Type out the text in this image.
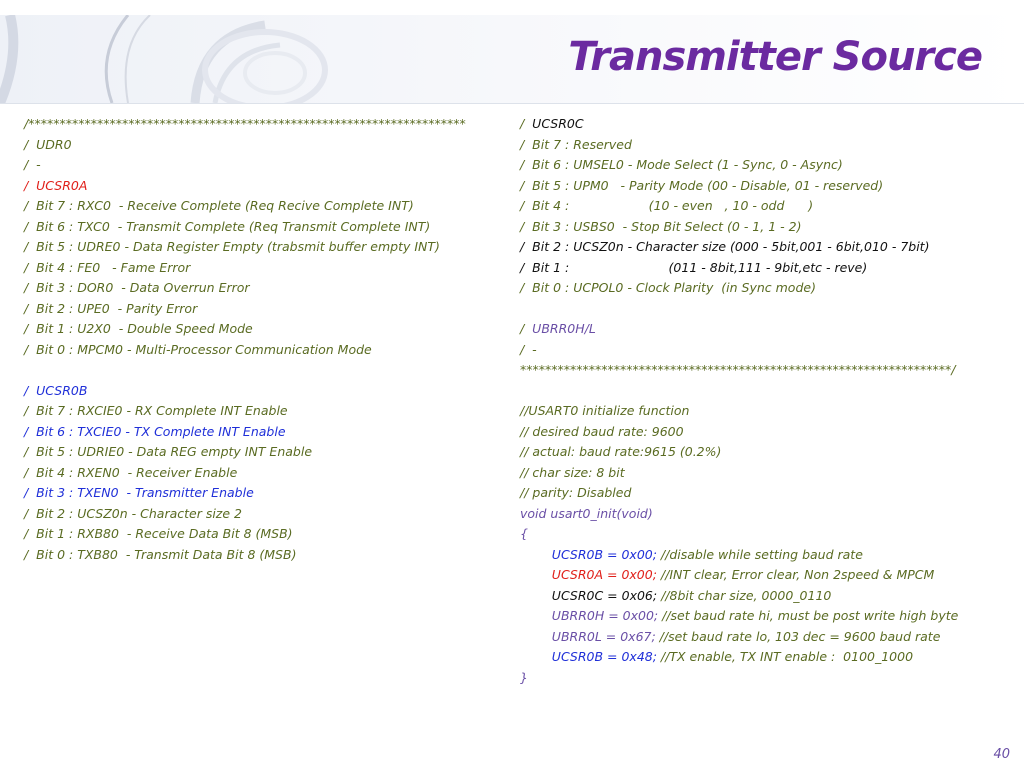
Transmitter Source
/**********************************************************************
/  UDR0
/  -
/  UCSR0A
/  Bit 7 : RXC0  - Receive Complete (Req Recive Complete INT)
/  Bit 6 : TXC0  - Transmit Complete (Req Transmit Complete INT)
/  Bit 5 : UDRE0 - Data Register Empty (trabsmit buffer empty INT)
/  Bit 4 : FE0   - Fame Error
/  Bit 3 : DOR0  - Data Overrun Error
/  Bit 2 : UPE0  - Parity Error
/  Bit 1 : U2X0  - Double Speed Mode
/  Bit 0 : MPCM0 - Multi-Processor Communication Mode
/  UCSR0B
/  Bit 7 : RXCIE0 - RX Complete INT Enable
/  Bit 6 : TXCIE0 - TX Complete INT Enable
/  Bit 5 : UDRIE0 - Data REG empty INT Enable
/  Bit 4 : RXEN0  - Receiver Enable
/  Bit 3 : TXEN0  - Transmitter Enable
/  Bit 2 : UCSZ0n - Character size 2
/  Bit 1 : RXB80  - Receive Data Bit 8 (MSB)
/  Bit 0 : TXB80  - Transmit Data Bit 8 (MSB)
/  UCSR0C
/  Bit 7 : Reserved
/  Bit 6 : UMSEL0 - Mode Select (1 - Sync, 0 - Async)
/  Bit 5 : UPM0   - Parity Mode (00 - Disable, 01 - reserved)
/  Bit 4 :                    (10 - even   , 10 - odd      )
/  Bit 3 : USBS0  - Stop Bit Select (0 - 1, 1 - 2)
/  Bit 2 : UCSZ0n - Character size (000 - 5bit,001 - 6bit,010 - 7bit)
/  Bit 1 :                         (011 - 8bit,111 - 9bit,etc - reve)
/  Bit 0 : UCPOL0 - Clock Plarity  (in Sync mode)
/  UBRR0H/L
/  -
*********************************************************************/
//USART0 initialize function
// desired baud rate: 9600
// actual: baud rate:9615 (0.2%)
// char size: 8 bit
// parity: Disabled
void usart0_init(void)
{
UCSR0B = 0x00; //disable while setting baud rate
UCSR0A = 0x00; //INT clear, Error clear, Non 2speed & MPCM
UCSR0C = 0x06; //8bit char size, 0000_0110
UBRR0H = 0x00; //set baud rate hi, must be post write high byte
UBRR0L = 0x67; //set baud rate lo, 103 dec = 9600 baud rate
UCSR0B = 0x48; //TX enable, TX INT enable :  0100_1000
}
40
